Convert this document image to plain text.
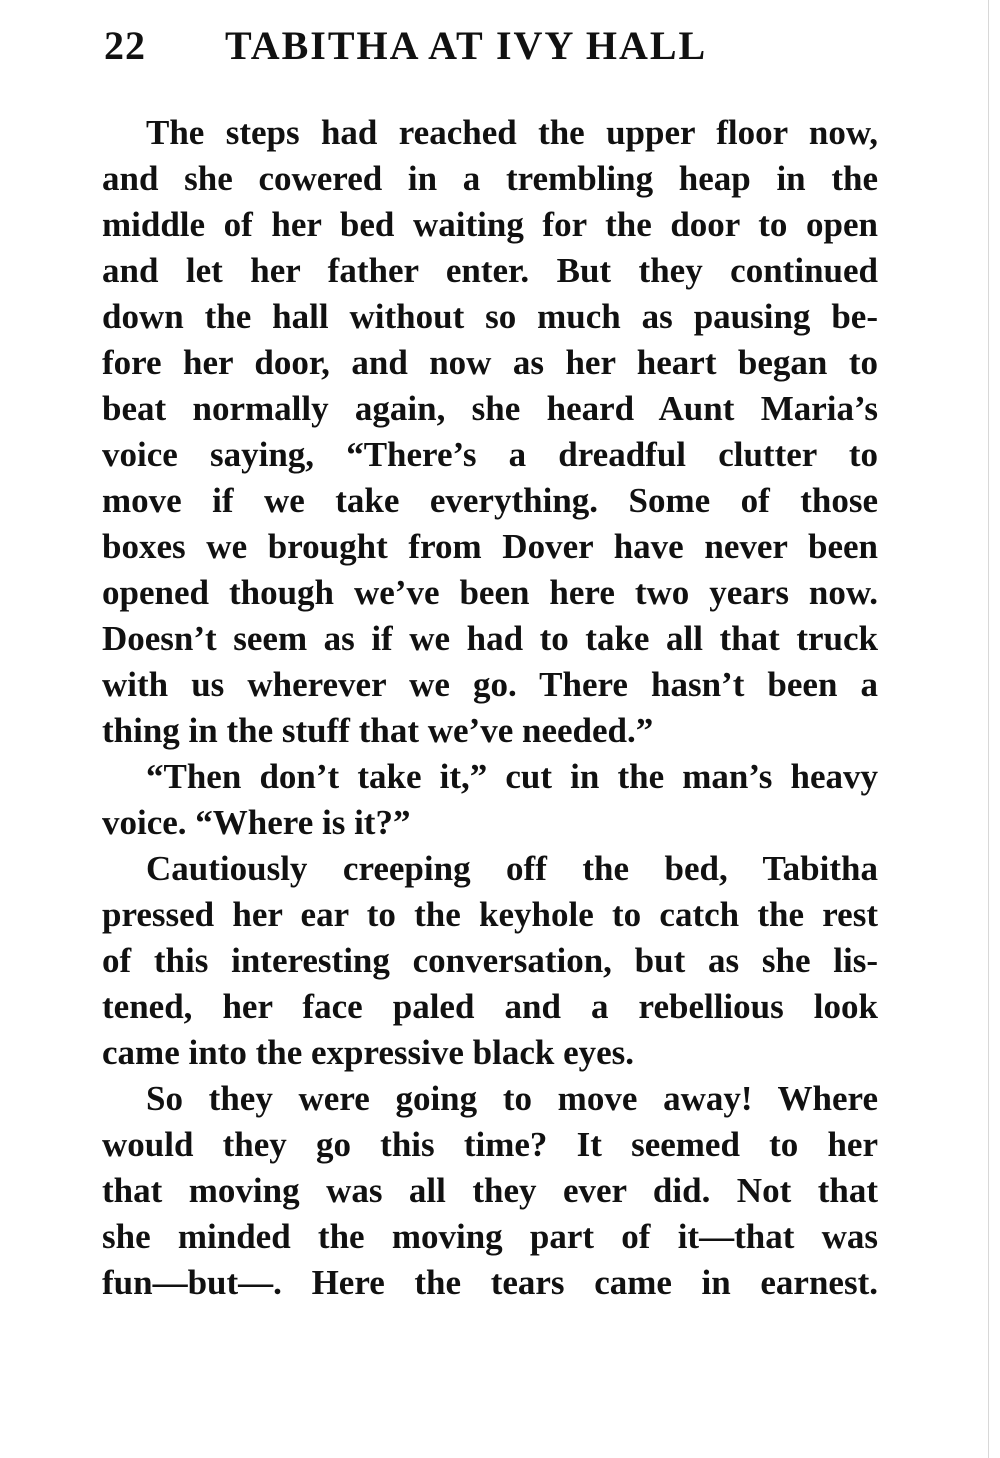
22 TABITHA AT IVY HALL
The steps had reached the upper floor now,
and she cowered in a trembling heap in the
middle of her bed waiting for the door to open
and let her father enter. But they continued
down the hall without so much as pausing be-
fore her door, and now as her heart began to
beat normally again, she heard Aunt Maria’s
voice saying, “There’s a dreadful clutter to
move if we take everything. Some of those
boxes we brought from Dover have never been
opened though we’ve been here two years now.
Doesn’t seem as if we had to take all that truck
with us wherever we go. There hasn’t been a
thing in the stuff that we’ve needed.”
“Then don’t take it,” cut in the man’s heavy
voice. “Where is it?”
Cautiously creeping off the bed, Tabitha
pressed her ear to the keyhole to catch the rest
of this interesting conversation, but as she lis-
tened, her face paled and a rebellious look
came into the expressive black eyes.
So they were going to move away! Where
would they go this time? It seemed to her
that moving was all they ever did. Not that
she minded the moving part of it—that was
fun—but—. Here the tears came in earnest.
